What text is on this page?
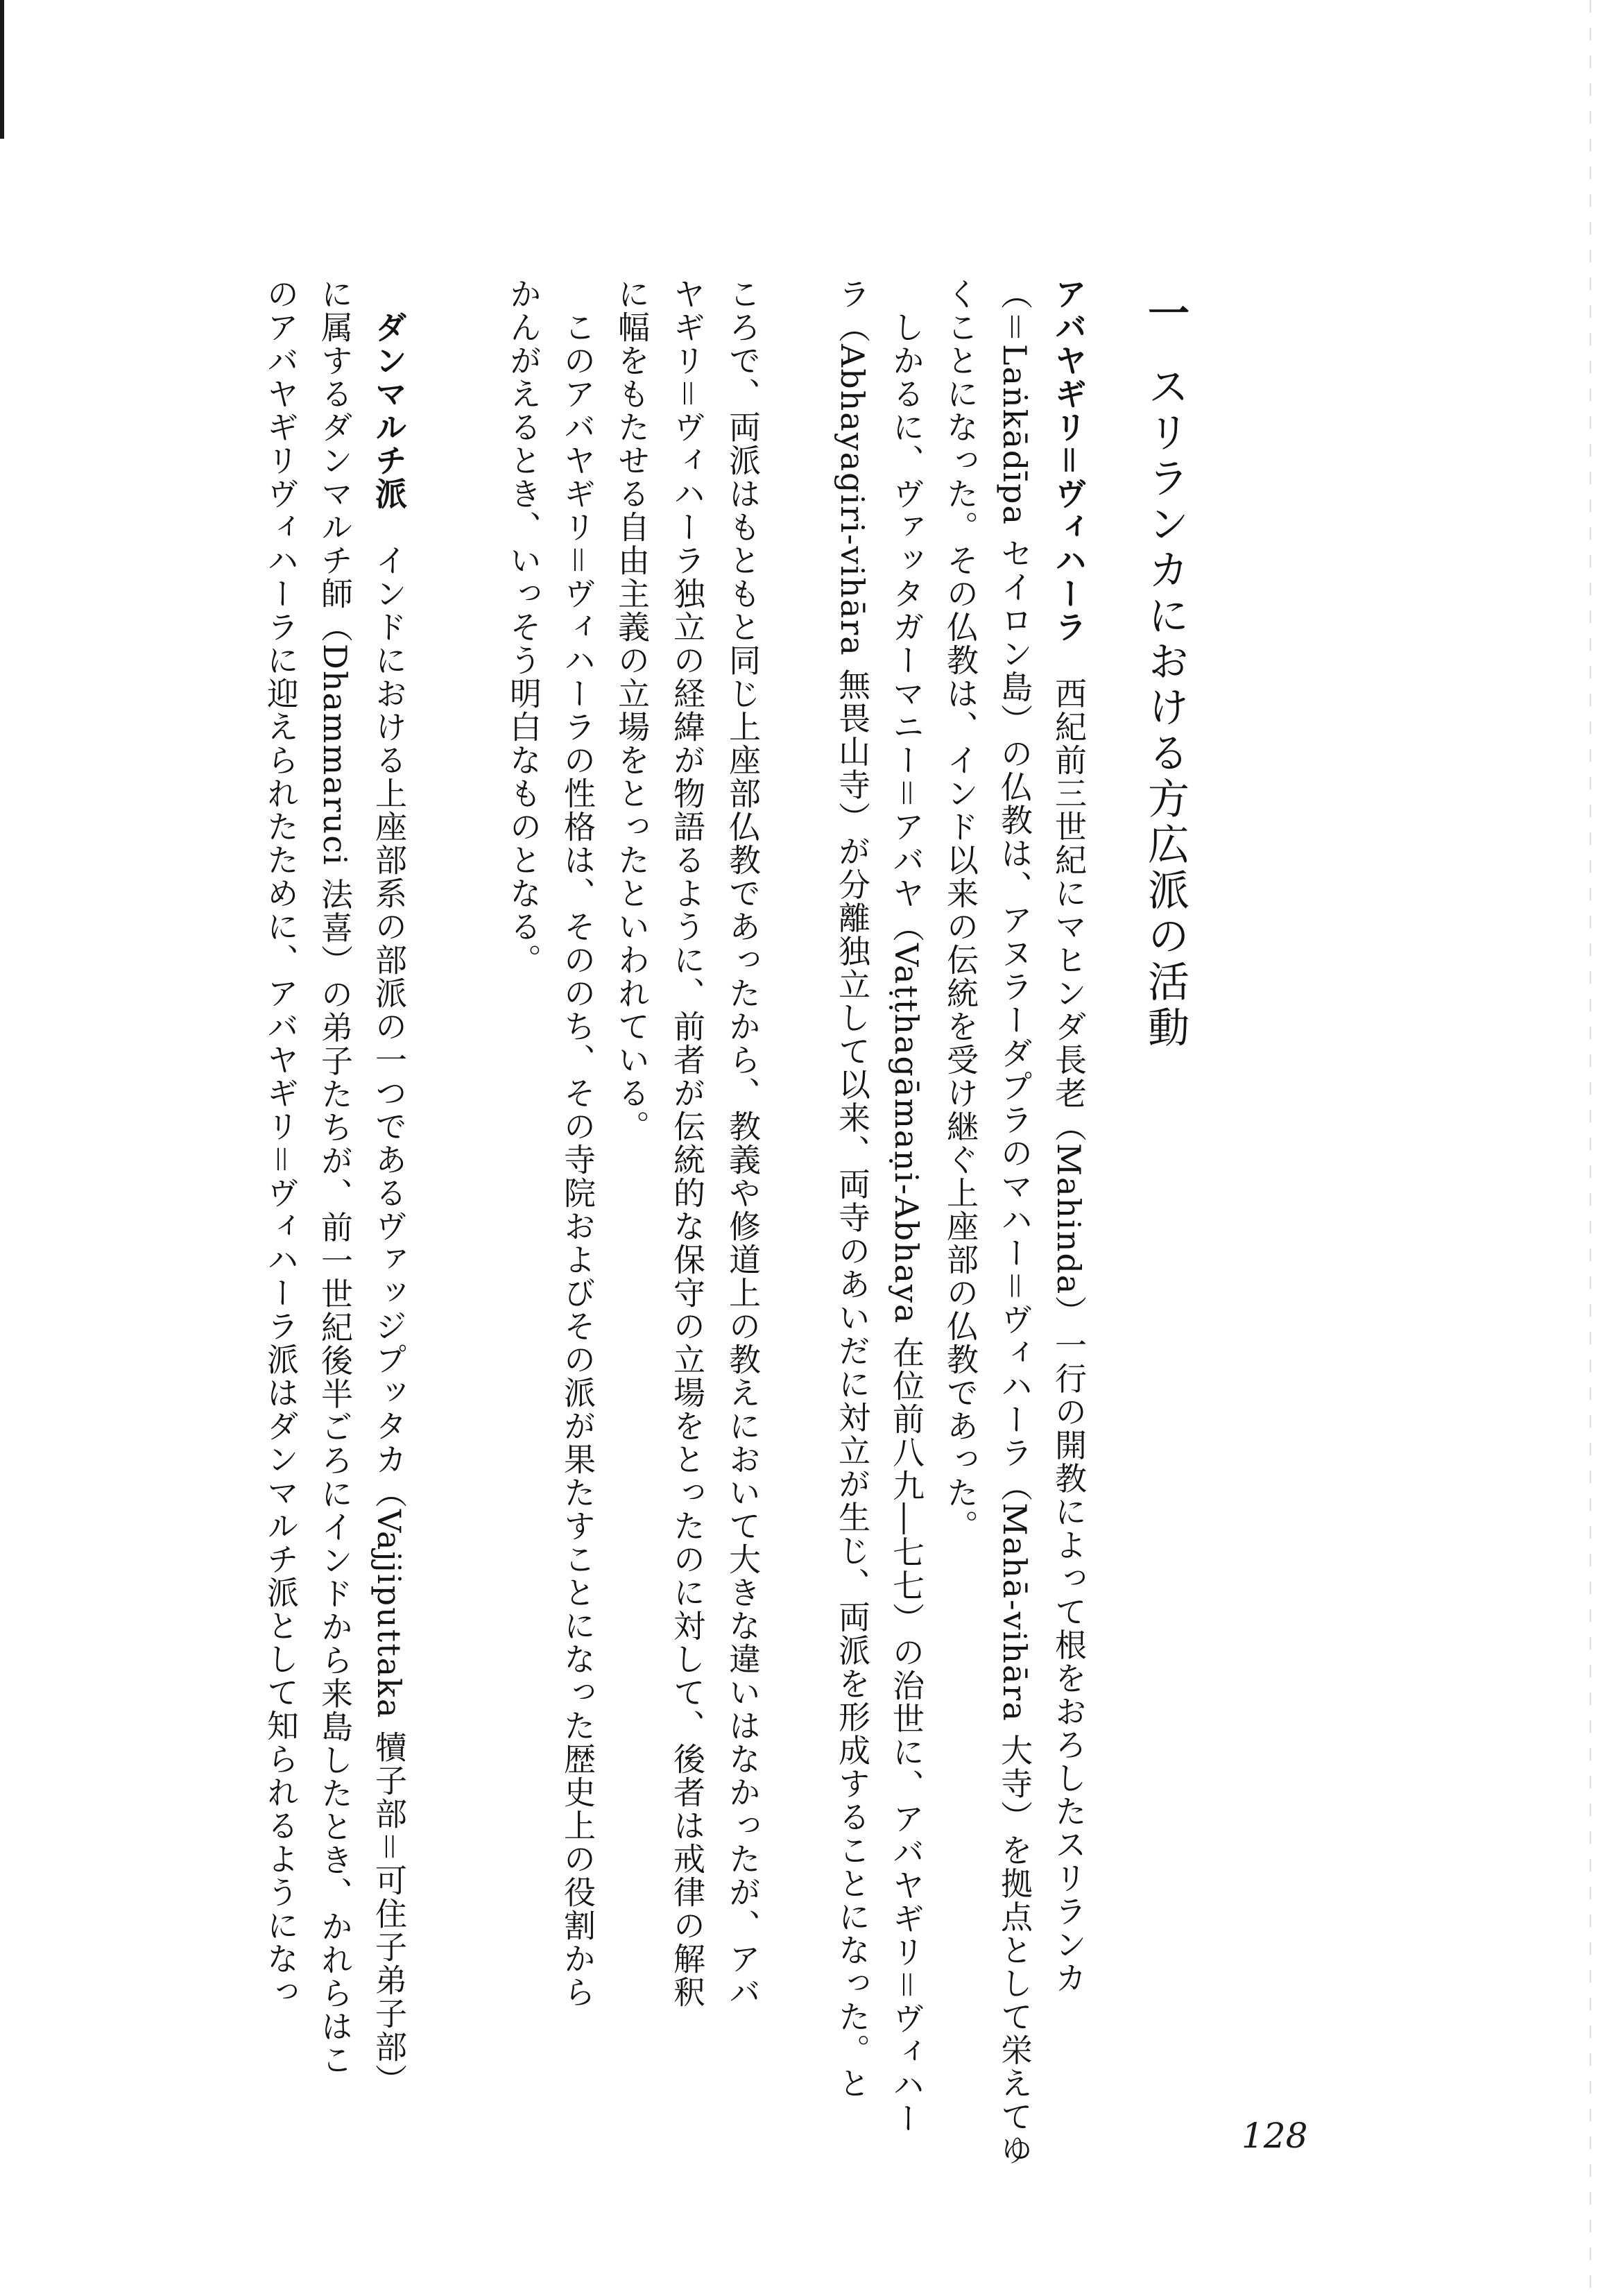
一スリランカにおける方広派の活動
アバヤギリ＝ヴィハーラ　西紀前三世紀にマヒンダ長老（Mahinda）一行の開教によって根をおろしたスリランカ
（＝Laṅkādīpa セイロン島）の仏教は、アヌラーダプラのマハー＝ヴィハーラ（Mahā-vihāra 大寺）を拠点として栄えてゆ
くことになった。その仏教は、インド以来の伝統を受け継ぐ上座部の仏教であった。
しかるに、ヴァッタガーマニー＝アバヤ（Vaṭṭhagāmaṇi-Abhaya 在位前八九―七七）の治世に、アバヤギリ＝ヴィハー
ラ（Abhayagiri-vihāra 無畏山寺）が分離独立して以来、両寺のあいだに対立が生じ、両派を形成することになった。と
ころで、両派はもともと同じ上座部仏教であったから、教義や修道上の教えにおいて大きな違いはなかったが、アバ
ヤギリ＝ヴィハーラ独立の経緯が物語るように、前者が伝統的な保守の立場をとったのに対して、後者は戒律の解釈
に幅をもたせる自由主義の立場をとったといわれている。
このアバヤギリ＝ヴィハーラの性格は、そののち、その寺院およびその派が果たすことになった歴史上の役割から
かんがえるとき、いっそう明白なものとなる。
ダンマルチ派　インドにおける上座部系の部派の一つであるヴァッジプッタカ（Vajjiputtaka 犢子部＝可住子弟子部）
に属するダンマルチ師（Dhammaruci 法喜）の弟子たちが、前一世紀後半ごろにインドから来島したとき、かれらはこ
のアバヤギリヴィハーラに迎えられたために、アバヤギリ＝ヴィハーラ派はダンマルチ派として知られるようになっ
128
